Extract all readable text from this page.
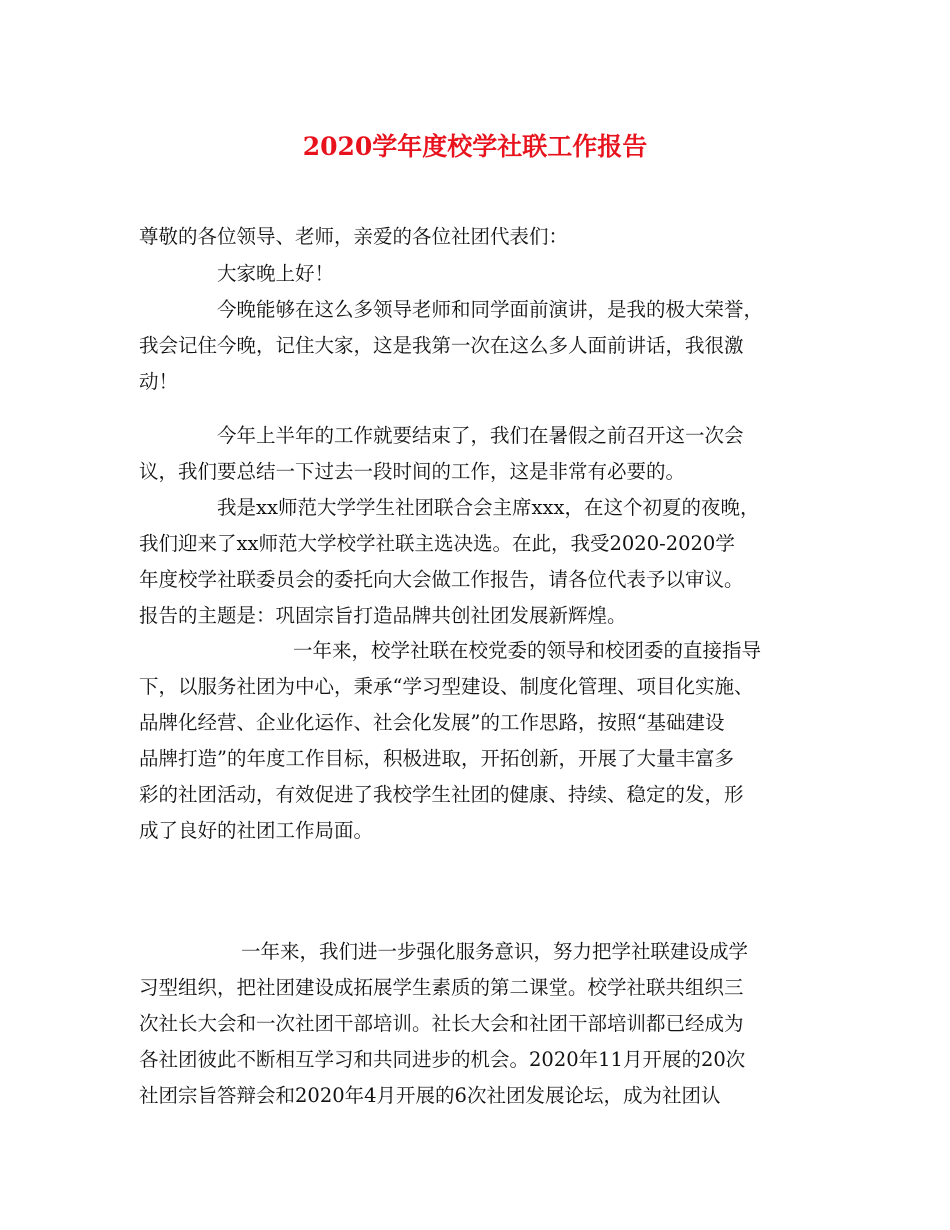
2020学年度校学社联工作报告
尊敬的各位领导、老师，亲爱的各位社团代表们：
大家晚上好！
今晚能够在这么多领导老师和同学面前演讲，是我的极大荣誉，
我会记住今晚，记住大家，这是我第一次在这么多人面前讲话，我很激
动！
今年上半年的工作就要结束了，我们在暑假之前召开这一次会
议，我们要总结一下过去一段时间的工作，这是非常有必要的。
我是xx师范大学学生社团联合会主席xxx，在这个初夏的夜晚，
我们迎来了xx师范大学校学社联主选决选。在此，我受2020-2020学
年度校学社联委员会的委托向大会做工作报告，请各位代表予以审议。
报告的主题是：巩固宗旨打造品牌共创社团发展新辉煌。
一年来，校学社联在校党委的领导和校团委的直接指导
下，以服务社团为中心，秉承“学习型建设、制度化管理、项目化实施、
品牌化经营、企业化运作、社会化发展”的工作思路，按照“基础建设
品牌打造”的年度工作目标，积极进取，开拓创新，开展了大量丰富多
彩的社团活动，有效促进了我校学生社团的健康、持续、稳定的发，形
成了良好的社团工作局面。
一年来，我们进一步强化服务意识，努力把学社联建设成学
习型组织，把社团建设成拓展学生素质的第二课堂。校学社联共组织三
次社长大会和一次社团干部培训。社长大会和社团干部培训都已经成为
各社团彼此不断相互学习和共同进步的机会。2020年11月开展的20次
社团宗旨答辩会和2020年4月开展的6次社团发展论坛，成为社团认
